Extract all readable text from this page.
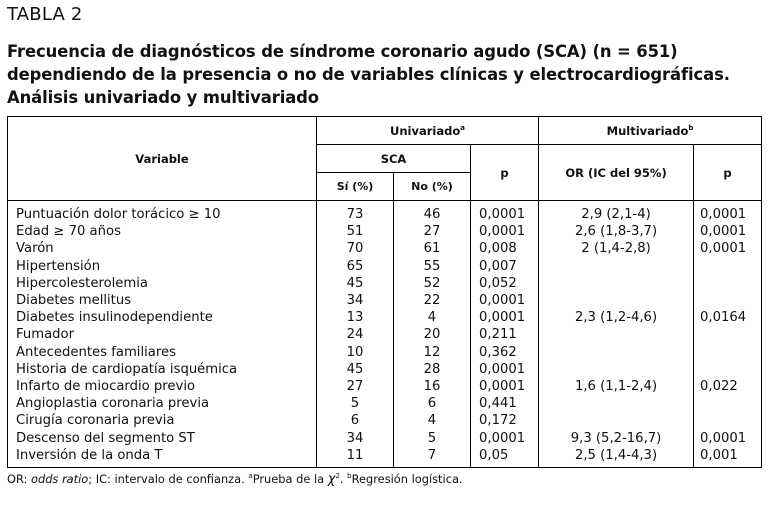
TABLA 2
Frecuencia de diagnósticos de síndrome coronario agudo (SCA) (n = 651) dependiendo de la presencia o no de variables clínicas y electrocardiográficas. Análisis univariado y multivariado
Variable	Univariado$^a$			Multivariado$^b$
	SCA		p	OR (IC del 95%)	p
	Sí (%)	No (%)			
Puntuación dolor torácico ≥ 10	73	46	0,0001	2,9 (2,1-4)	0,0001
Edad ≥ 70 años	51	27	0,0001	2,6 (1,8-3,7)	0,0001
Varón	70	61	0,008	2 (1,4-2,8)	0,0001
Hipertensión	65	55	0,007		
Hipercolesterolemia	45	52	0,052		
Diabetes mellitus	34	22	0,0001		
Diabetes insulinodependiente	13	4	0,0001	2,3 (1,2-4,6)	0,0164
Fumador	24	20	0,211		
Antecedentes familiares	10	12	0,362		
Historia de cardiopatía isquémica	45	28	0,0001		
Infarto de miocardio previo	27	16	0,0001	1,6 (1,1-2,4)	0,022
Angioplastia coronaria previa	5	6	0,441		
Cirugía coronaria previa	6	4	0,172		
Descenso del segmento ST	34	5	0,0001	9,3 (5,2-16,7)	0,0001
Inversión de la onda T	11	7	0,05	2,5 (1,4-4,3)	0,001
OR: odds ratio; IC: intervalo de confianza. $^a$Prueba de la $\chi^2$. $^b$Regresión logística.
